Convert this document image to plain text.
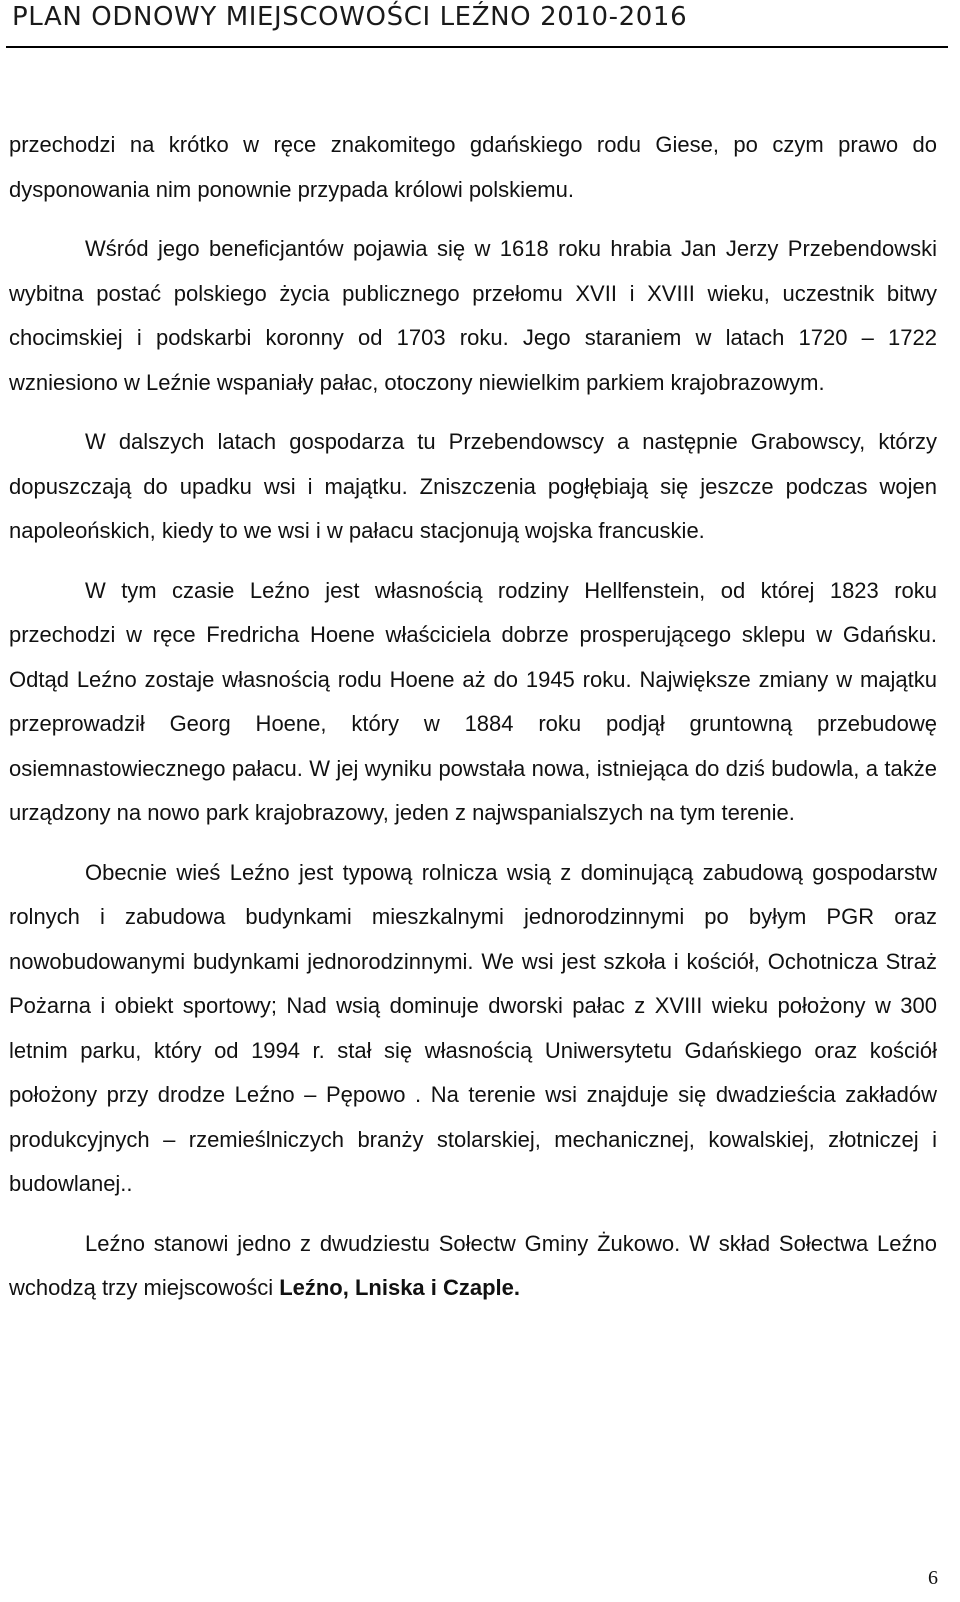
PLAN ODNOWY MIEJSCOWOŚCI LEŹNO 2010-2016

przechodzi na krótko w ręce znakomitego gdańskiego rodu Giese, po czym prawo do dysponowania nim ponownie przypada królowi polskiemu.

Wśród jego beneficjantów pojawia się w 1618 roku hrabia Jan Jerzy Przebendowski wybitna postać polskiego życia publicznego przełomu XVII i XVIII wieku, uczestnik bitwy chocimskiej i podskarbi koronny od 1703 roku. Jego staraniem w latach 1720 – 1722 wzniesiono w Leźnie wspaniały pałac, otoczony niewielkim parkiem krajobrazowym.

W dalszych latach gospodarza tu Przebendowscy a następnie Grabowscy, którzy dopuszczają do upadku wsi i majątku. Zniszczenia pogłębiają się jeszcze podczas wojen napoleońskich, kiedy to we wsi i w pałacu stacjonują wojska francuskie.

W tym czasie Leźno jest własnością rodziny Hellfenstein, od której 1823 roku przechodzi w ręce Fredricha Hoene właściciela dobrze prosperującego sklepu w Gdańsku. Odtąd Leźno zostaje własnością rodu Hoene aż do 1945 roku. Największe zmiany w majątku przeprowadził Georg Hoene, który w 1884 roku podjął gruntowną przebudowę osiemnastowiecznego pałacu. W jej wyniku powstała nowa, istniejąca do dziś budowla, a także urządzony na nowo park krajobrazowy, jeden z najwspanialszych na tym terenie.

Obecnie wieś Leźno jest typową rolnicza wsią z dominującą zabudową gospodarstw rolnych i zabudowa budynkami mieszkalnymi jednorodzinnymi po byłym PGR oraz nowobudowanymi budynkami jednorodzinnymi. We wsi jest szkoła i kościół, Ochotnicza Straż Pożarna i obiekt sportowy; Nad wsią dominuje dworski pałac z XVIII wieku położony w 300 letnim parku, który od 1994 r. stał się własnością Uniwersytetu Gdańskiego oraz kościół położony przy drodze Leźno – Pępowo . Na terenie wsi znajduje się dwadzieścia zakładów produkcyjnych – rzemieślniczych branży stolarskiej, mechanicznej, kowalskiej, złotniczej i budowlanej..

Leźno stanowi jedno z dwudziestu Sołectw Gminy Żukowo. W skład Sołectwa Leźno wchodzą trzy miejscowości Leźno, Lniska i Czaple.

6
